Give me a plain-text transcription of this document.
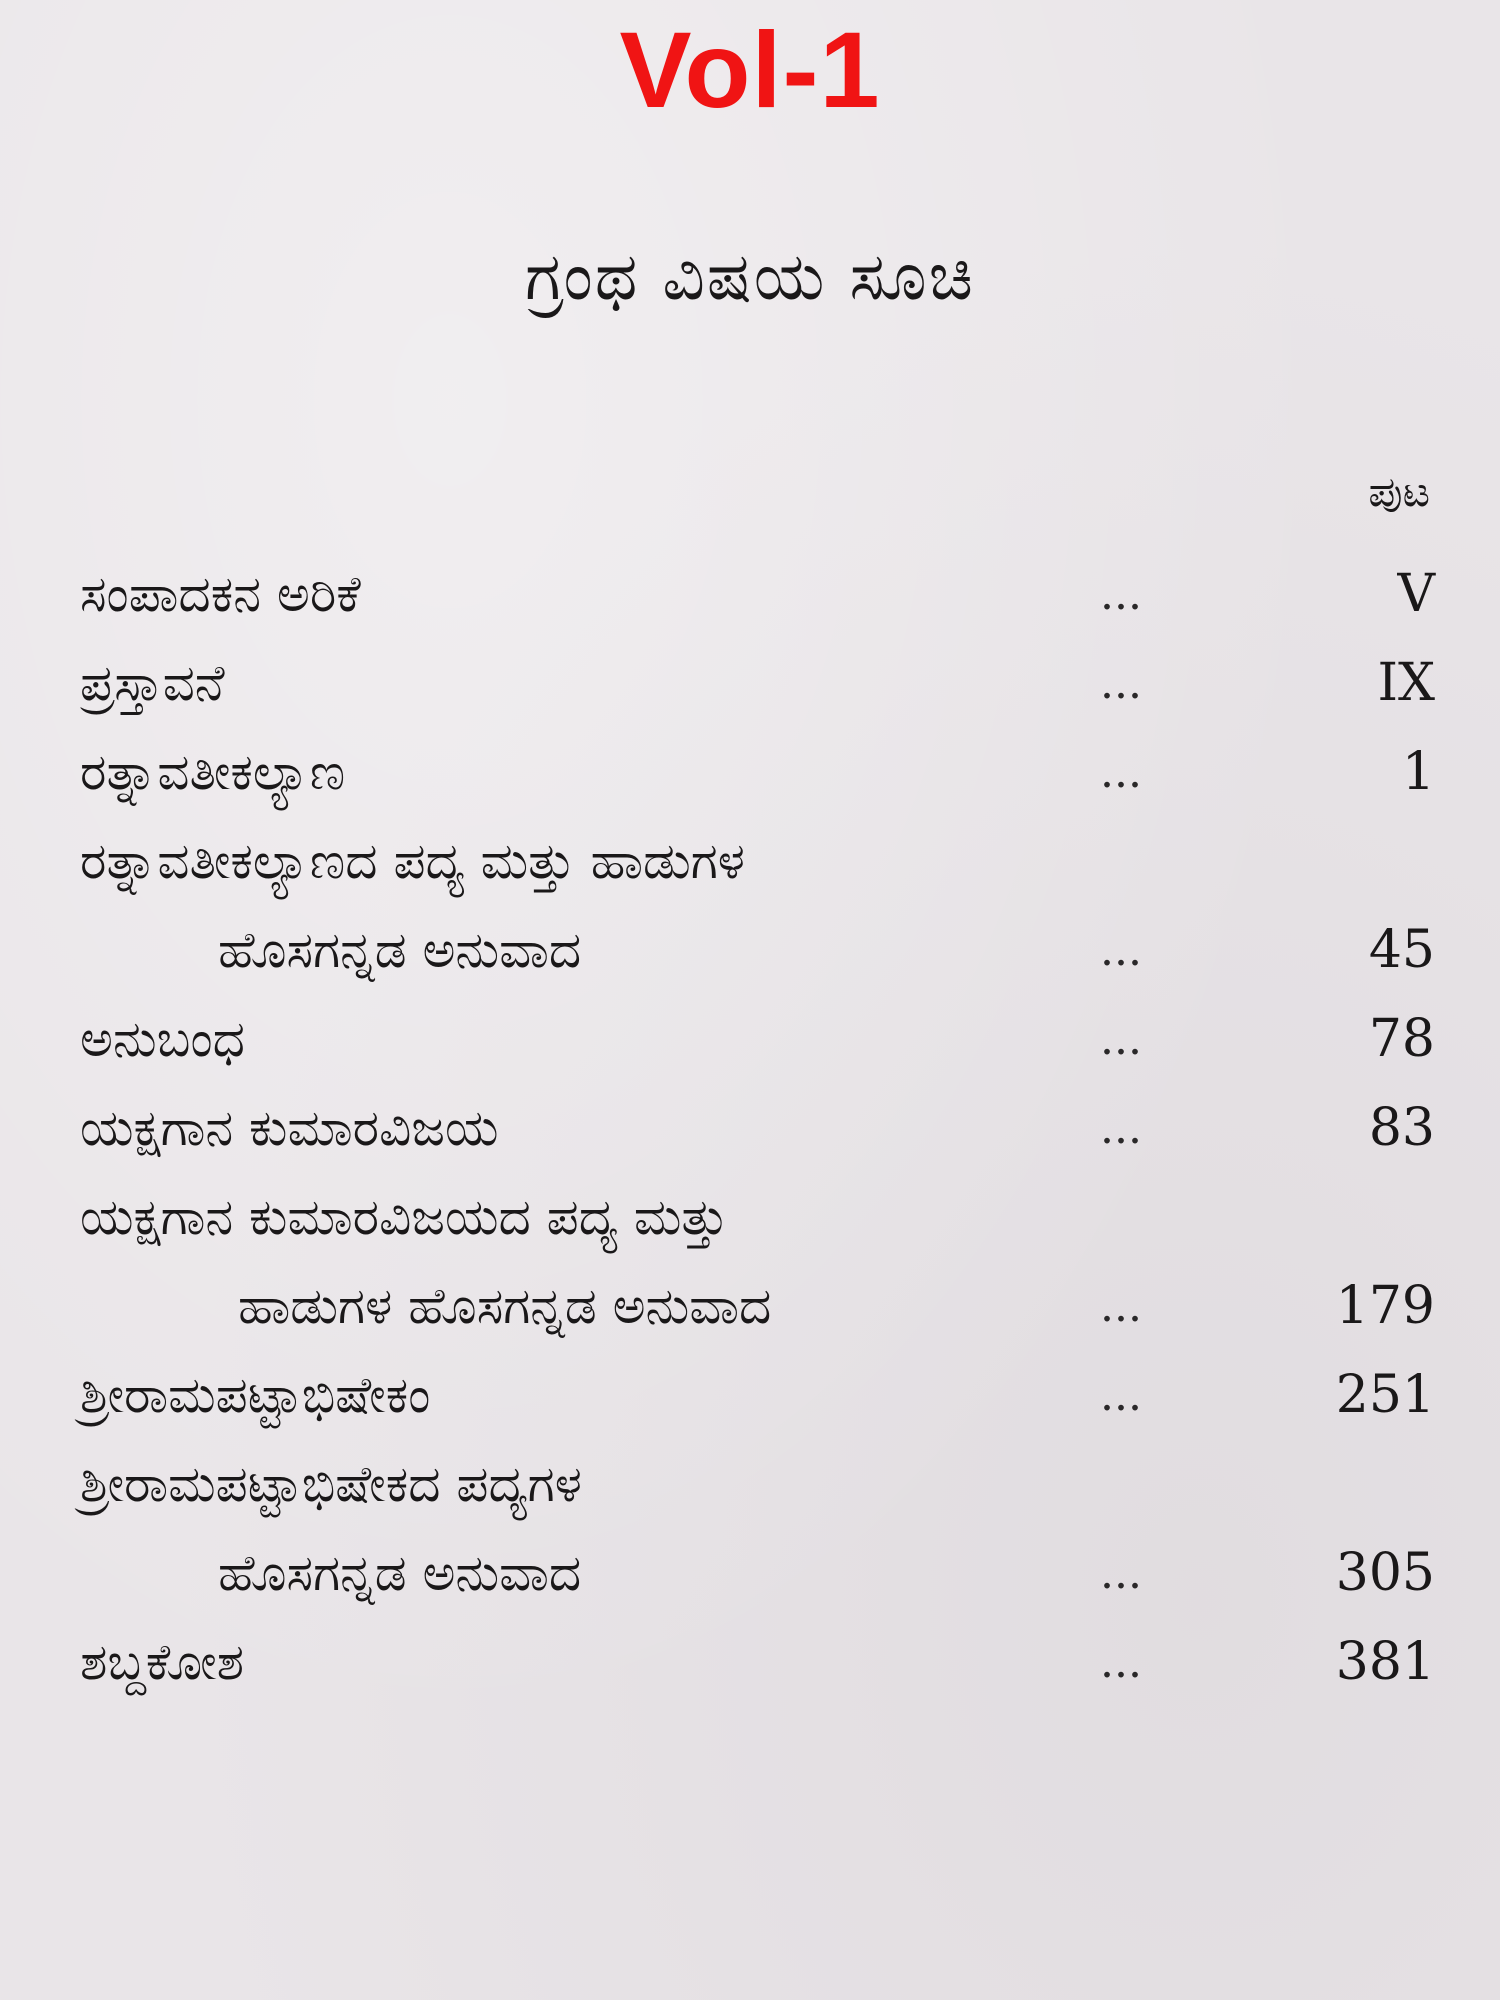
Vol-1
ಗ್ರಂಥ ವಿಷಯ ಸೂಚಿ
ಪುಟ
ಸಂಪಾದಕನ ಅರಿಕೆ	...	V
ಪ್ರಸ್ತಾವನೆ	...	IX
ರತ್ನಾವತೀಕಲ್ಯಾಣ	...	1
ರತ್ನಾವತೀಕಲ್ಯಾಣದ ಪದ್ಯ ಮತ್ತು ಹಾಡುಗಳ
ಹೊಸಗನ್ನಡ ಅನುವಾದ	...	45
ಅನುಬಂಧ	...	78
ಯಕ್ಷಗಾನ ಕುಮಾರವಿಜಯ	...	83
ಯಕ್ಷಗಾನ ಕುಮಾರವಿಜಯದ ಪದ್ಯ ಮತ್ತು
ಹಾಡುಗಳ ಹೊಸಗನ್ನಡ ಅನುವಾದ	...	179
ಶ್ರೀರಾಮಪಟ್ಟಾಭಿಷೇಕಂ	...	251
ಶ್ರೀರಾಮಪಟ್ಟಾಭಿಷೇಕದ ಪದ್ಯಗಳ
ಹೊಸಗನ್ನಡ ಅನುವಾದ	...	305
ಶಬ್ದಕೋಶ	...	381
